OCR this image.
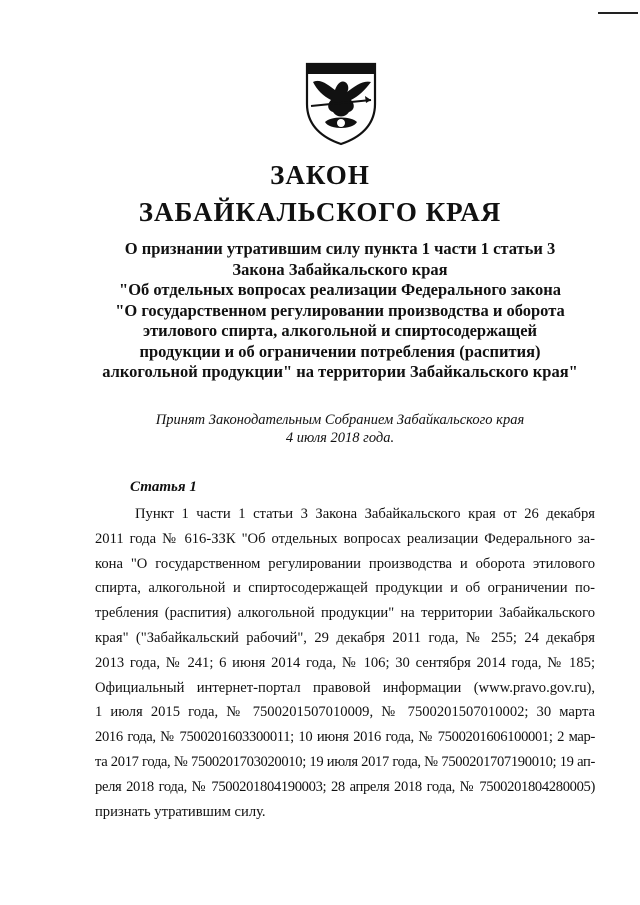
ЗАКОН
ЗАБАЙКАЛЬСКОГО КРАЯ
О признании утратившим силу пункта 1 части 1 статьи 3
Закона Забайкальского края
"Об отдельных вопросах реализации Федерального закона
"О государственном регулировании производства и оборота
этилового спирта, алкогольной и спиртосодержащей
продукции и об ограничении потребления (распития)
алкогольной продукции" на территории Забайкальского края"
Принят Законодательным Собранием Забайкальского края
4 июля 2018 года.
Статья 1
Пункт 1 части 1 статьи 3 Закона Забайкальского края от 26 декабря
2011 года № 616-ЗЗК "Об отдельных вопросах реализации Федерального за-
кона "О государственном регулировании производства и оборота этилового
спирта, алкогольной и спиртосодержащей продукции и об ограничении по-
требления (распития) алкогольной продукции" на территории Забайкальского
края" ("Забайкальский рабочий", 29 декабря 2011 года, № 255; 24 декабря
2013 года, № 241; 6 июня 2014 года, № 106; 30 сентября 2014 года, № 185;
Официальный интернет-портал правовой информации (www.pravo.gov.ru),
1 июля 2015 года, № 7500201507010009, № 7500201507010002; 30 марта
2016 года, № 7500201603300011; 10 июня 2016 года, № 7500201606100001; 2 мар-
та 2017 года, № 7500201703020010; 19 июля 2017 года, № 7500201707190010; 19 ап-
реля 2018 года, № 7500201804190003; 28 апреля 2018 года, № 7500201804280005)
признать утратившим силу.
